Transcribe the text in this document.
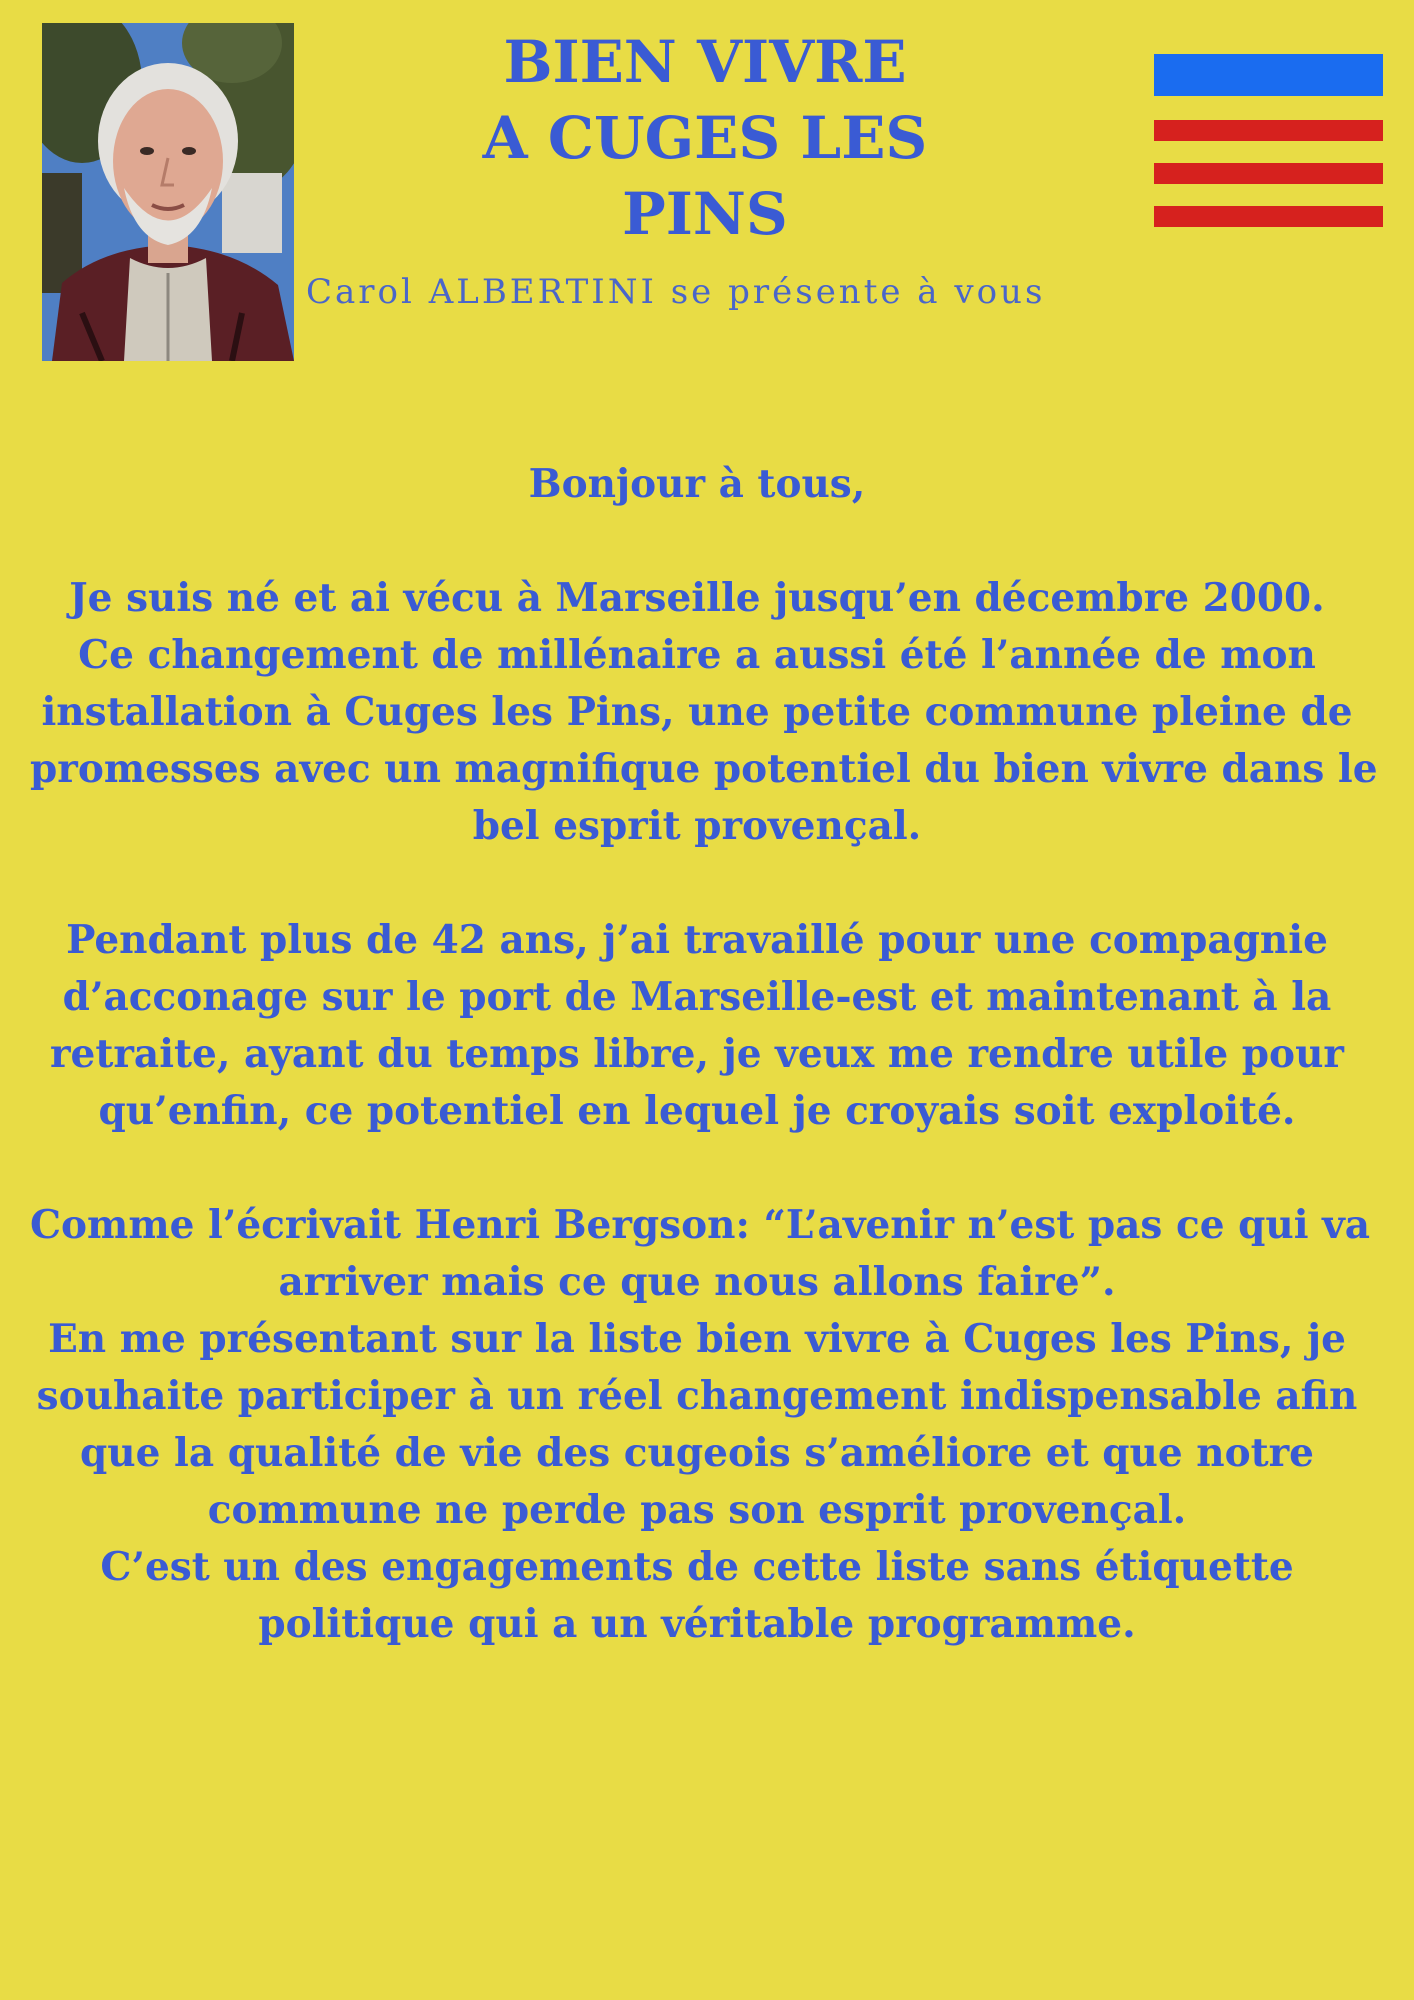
BIEN VIVRE
A CUGES LES PINS

Carol ALBERTINI se présente à vous

Bonjour à tous,
Je suis né et ai vécu à Marseille jusqu’en décembre 2000.
Ce changement de millénaire a aussi été l’année de mon
installation à Cuges les Pins, une petite commune pleine de
promesses avec un magnifique potentiel du bien vivre dans le
bel esprit provençal.
Pendant plus de 42 ans, j’ai travaillé pour une compagnie
d’acconage sur le port de Marseille-est et maintenant à la
retraite, ayant du temps libre, je veux me rendre utile pour
qu’enfin, ce potentiel en lequel je croyais soit exploité.
Comme l’écrivait Henri Bergson: “L’avenir n’est pas ce qui va
arriver mais ce que nous allons faire”.
En me présentant sur la liste bien vivre à Cuges les Pins, je
souhaite participer à un réel changement indispensable afin
que la qualité de vie des cugeois s’améliore et que notre
commune ne perde pas son esprit provençal.
C’est un des engagements de cette liste sans étiquette
politique qui a un véritable programme.
